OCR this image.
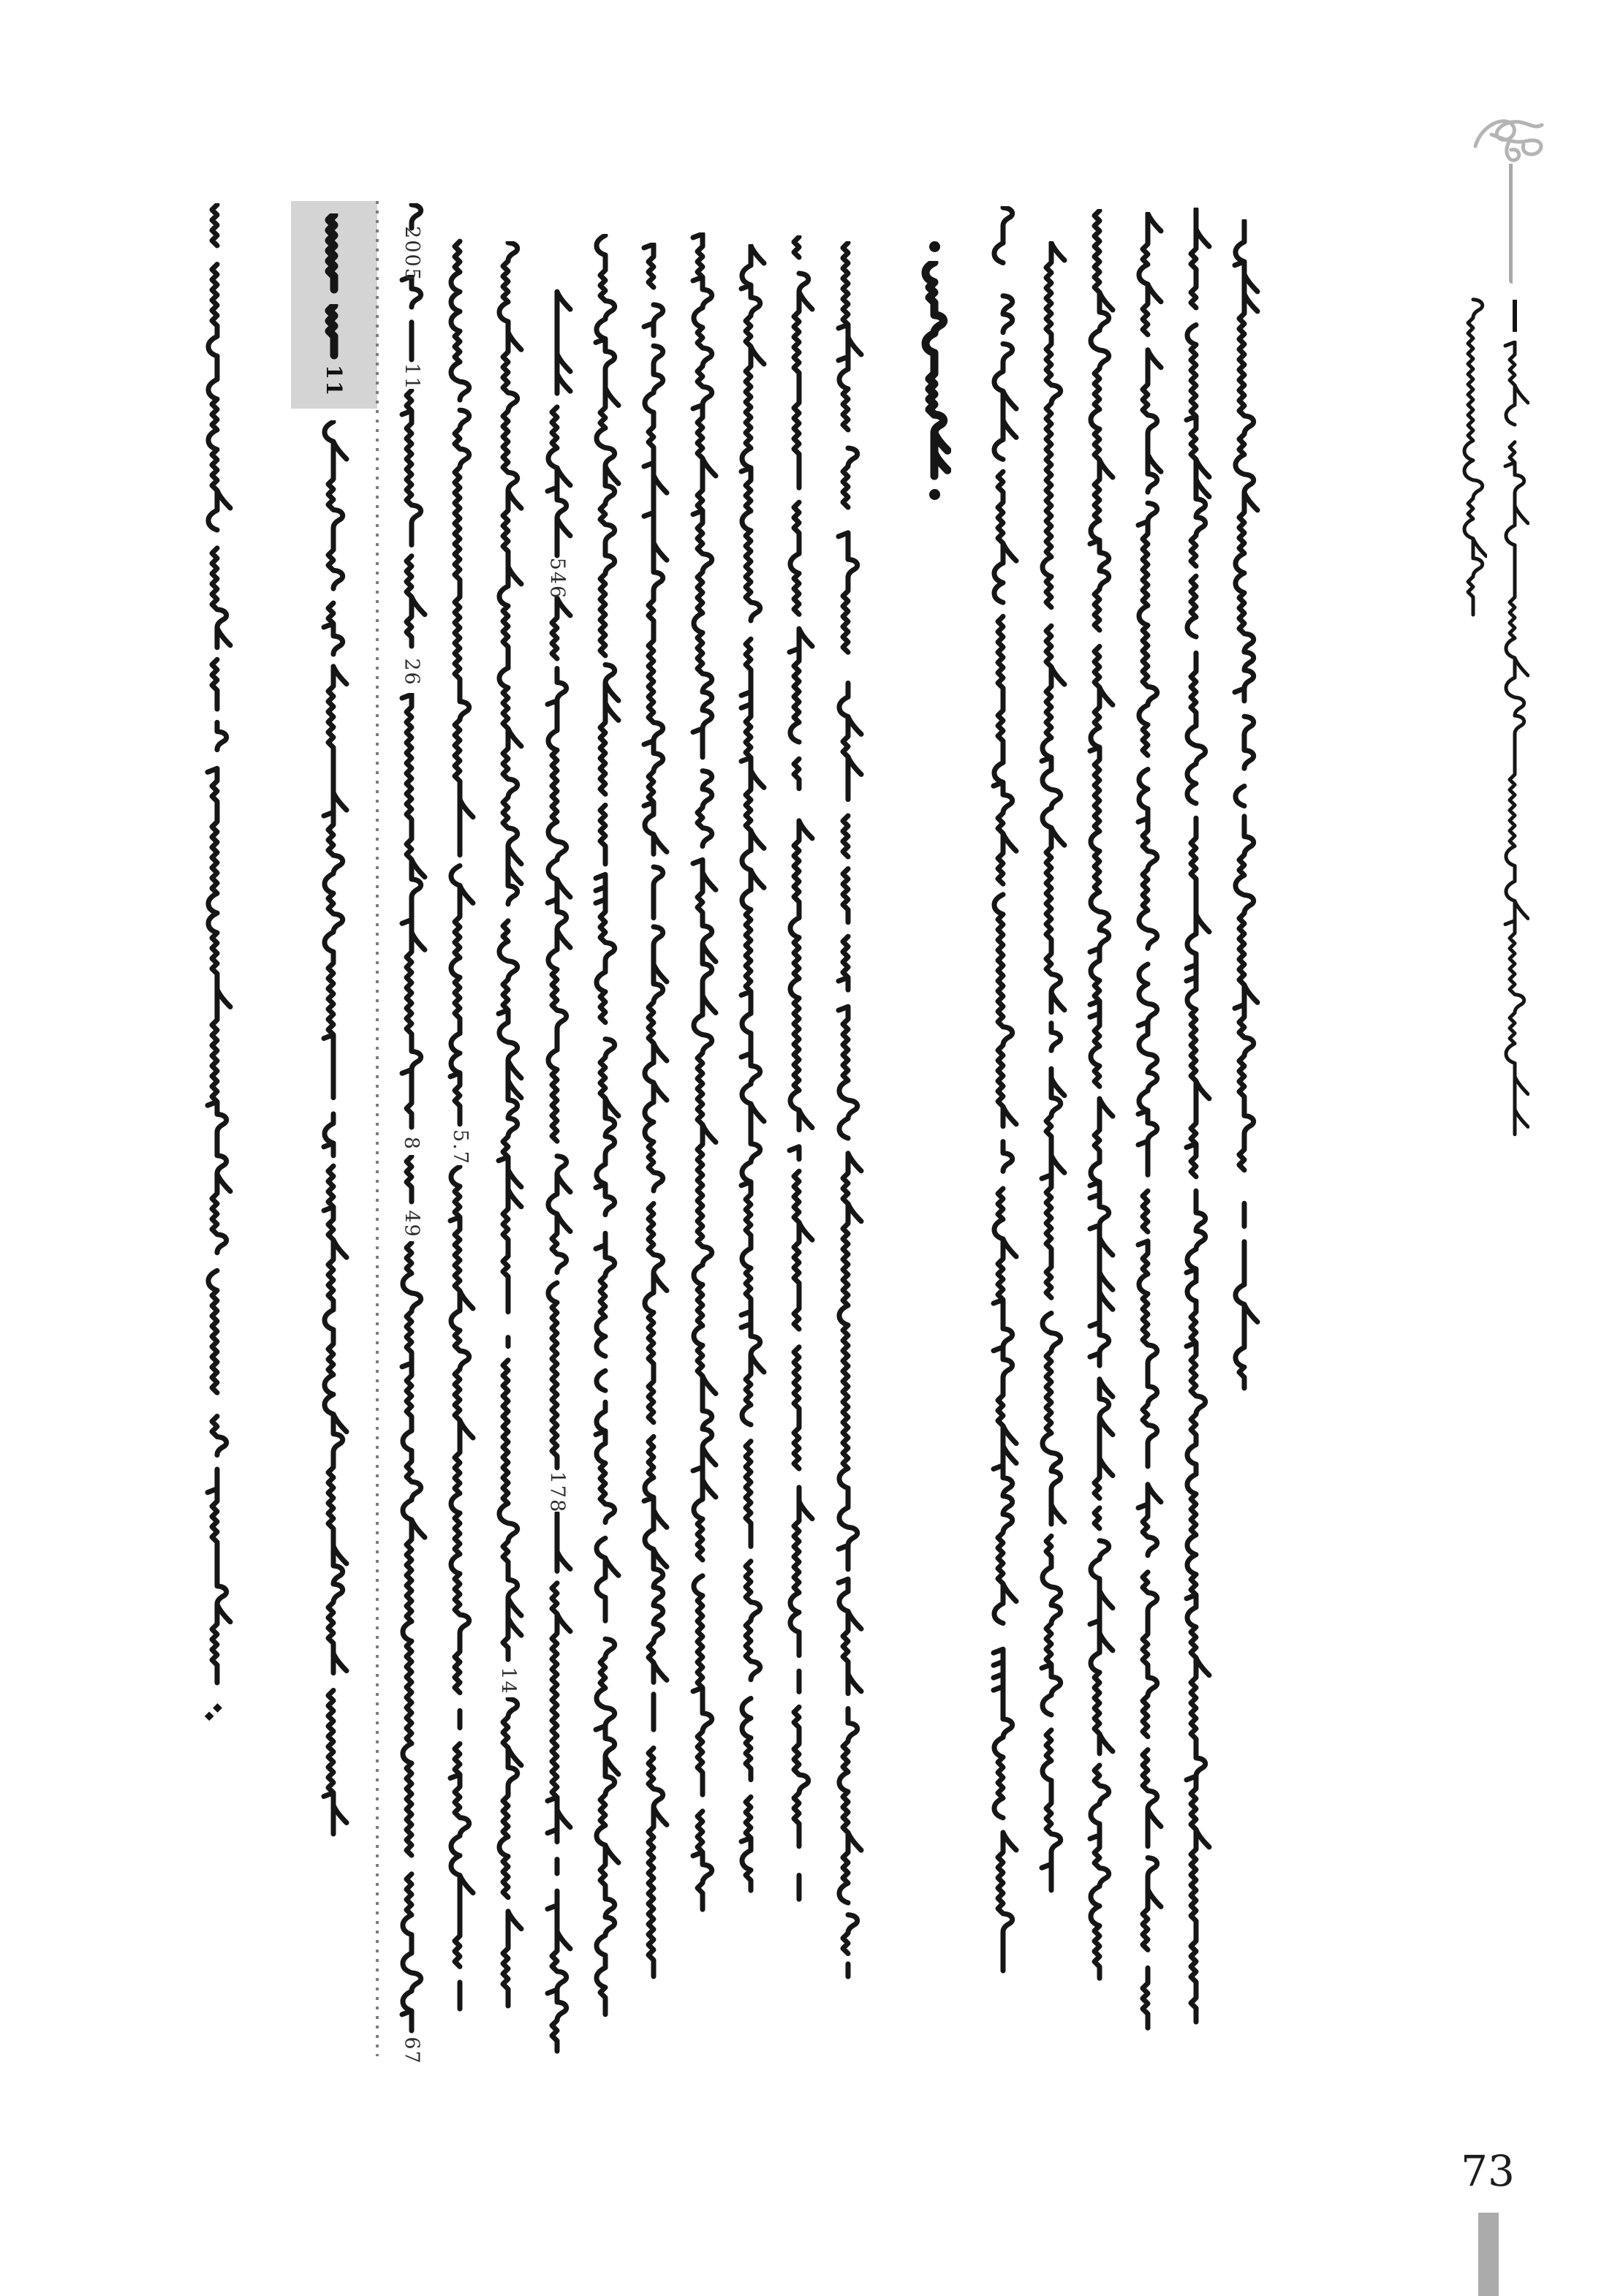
11
2005
11
26
8
49
67
5.7
14
546
178
73
